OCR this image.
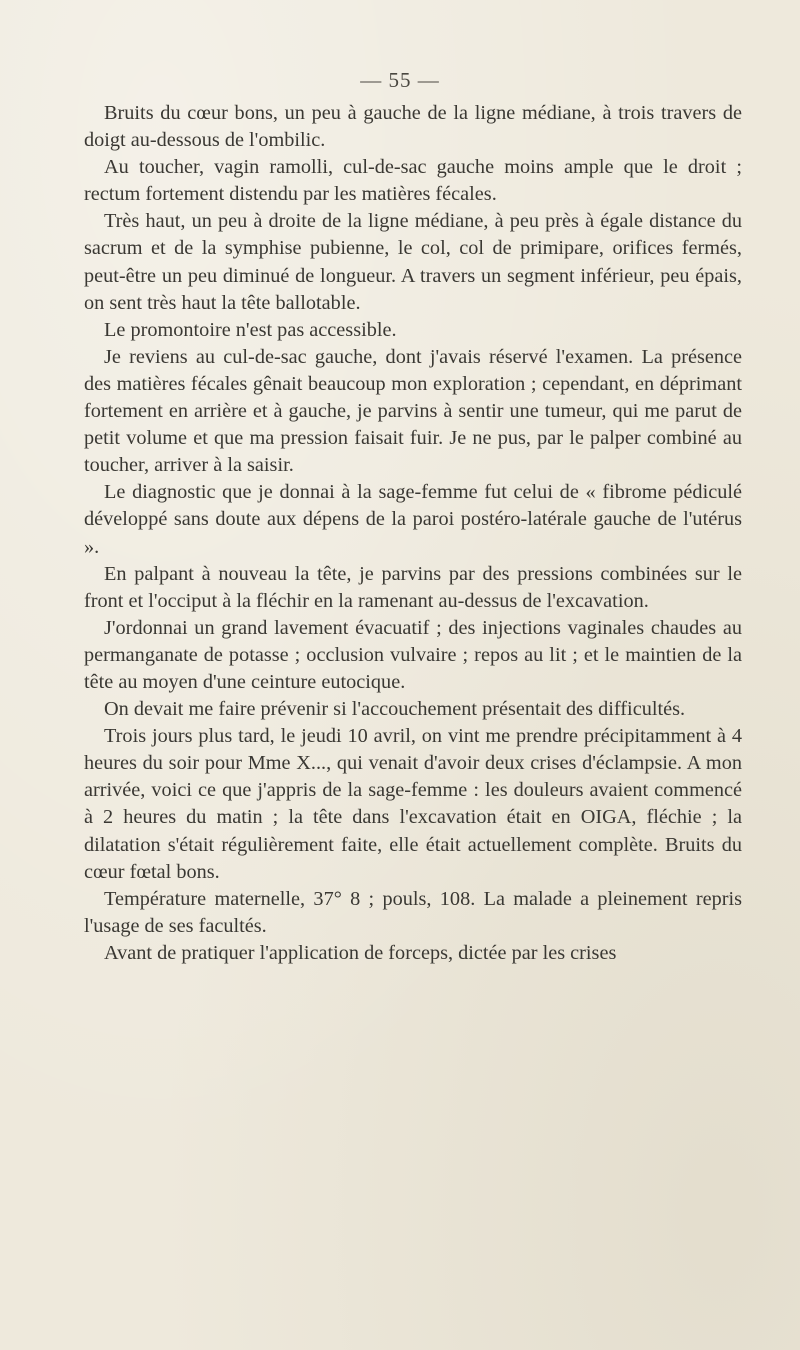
— 55 —

Bruits du cœur bons, un peu à gauche de la ligne médiane, à trois travers de doigt au-dessous de l'ombilic.

Au toucher, vagin ramolli, cul-de-sac gauche moins ample que le droit ; rectum fortement distendu par les matières fécales.

Très haut, un peu à droite de la ligne médiane, à peu près à égale distance du sacrum et de la symphise pubienne, le col, col de primipare, orifices fermés, peut-être un peu diminué de longueur. A travers un segment inférieur, peu épais, on sent très haut la tête ballotable.

Le promontoire n'est pas accessible.

Je reviens au cul-de-sac gauche, dont j'avais réservé l'examen. La présence des matières fécales gênait beaucoup mon exploration ; cependant, en déprimant fortement en arrière et à gauche, je parvins à sentir une tumeur, qui me parut de petit volume et que ma pression faisait fuir. Je ne pus, par le palper combiné au toucher, arriver à la saisir.

Le diagnostic que je donnai à la sage-femme fut celui de « fibrome pédiculé développé sans doute aux dépens de la paroi postéro-latérale gauche de l'utérus ».

En palpant à nouveau la tête, je parvins par des pressions combinées sur le front et l'occiput à la fléchir en la ramenant au-dessus de l'excavation.

J'ordonnai un grand lavement évacuatif ; des injections vaginales chaudes au permanganate de potasse ; occlusion vulvaire ; repos au lit ; et le maintien de la tête au moyen d'une ceinture eutocique.

On devait me faire prévenir si l'accouchement présentait des difficultés.

Trois jours plus tard, le jeudi 10 avril, on vint me prendre précipitamment à 4 heures du soir pour Mme X..., qui venait d'avoir deux crises d'éclampsie. A mon arrivée, voici ce que j'appris de la sage-femme : les douleurs avaient commencé à 2 heures du matin ; la tête dans l'excavation était en OIGA, fléchie ; la dilatation s'était régulièrement faite, elle était actuellement complète. Bruits du cœur fœtal bons.

Température maternelle, 37° 8 ; pouls, 108. La malade a pleinement repris l'usage de ses facultés.

Avant de pratiquer l'application de forceps, dictée par les crises
